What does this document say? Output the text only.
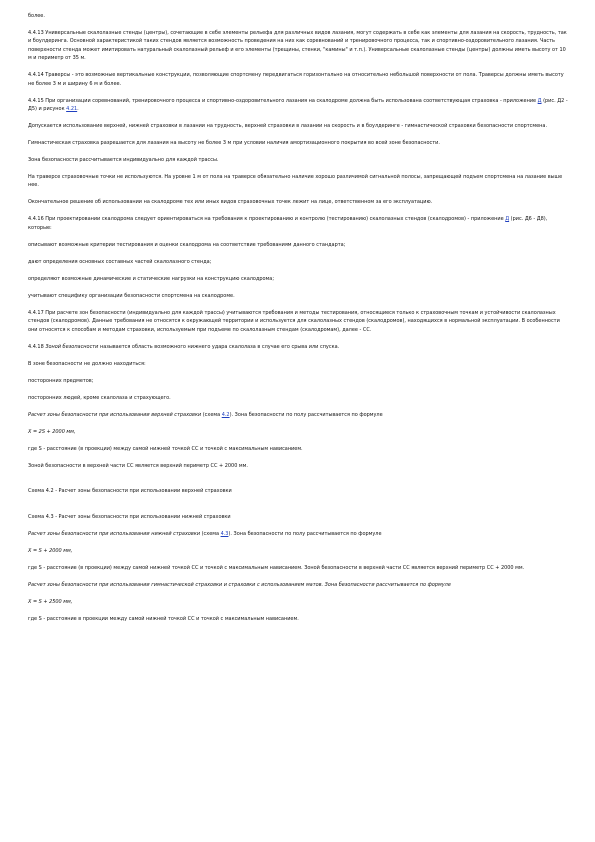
более.

4.4.13 Универсальные скалолазные стенды (центры), сочетающие в себе элементы рельефа для различных видов лазания, могут содержать в себе как элементы для лазания на скорость, трудность, так и боулдеринга. Основной характеристикой таких стендов является возможность проведения на них как соревнований и тренировочного процесса, так и спортивно-оздоровительного лазания. Часть поверхности стенда может имитировать натуральный скалолазный рельеф и его элементы (трещины, стенки, "камины" и т.п.). Универсальные скалолазные стенды (центры) должны иметь высоту от 10 м и периметр от 35 м.

4.4.14 Траверсы - это возможные вертикальные конструкции, позволяющие спортсмену передвигаться горизонтально на относительно небольшой поверхности от пола. Траверсы должны иметь высоту не более 3 м и ширину 6 м и более.

4.4.15 При организации соревнований, тренировочного процесса и спортивно-оздоровительного лазания на скалодроме должна быть использована соответствующая страховка - приложение Д (рис. Д2 - Д5) и рисунок 4.21.

Допускается использование верхней, нижней страховки в лазании на трудность, верхней страховки в лазании на скорость и в боулдеринге - гимнастической страховки безопасности спортсмена.

Гимнастическая страховка разрешается для лазания на высоту не более 3 м при условии наличия амортизационного покрытия во всей зоне безопасности.

Зона безопасности рассчитывается индивидуально для каждой трассы.

На траверсе страховочные точки не используются. На уровне 1 м от пола на траверсе обязательно наличие хорошо различимой сигнальной полосы, запрещающей подъем спортсмена на лазание выше нее.

Окончательное решение об использовании на скалодроме тех или иных видов страховочных точек лежит на лице, ответственном за его эксплуатацию.

4.4.16 При проектировании скалодрома следует ориентироваться на требования к проектированию и контролю (тестированию) скалолазных стендов (скалодромов) - приложение Д (рис. Д6 - Д8), которые:

описывают возможные критерии тестирования и оценки скалодрома на соответствие требованиям данного стандарта;

дают определения основных составных частей скалолазного стенда;

определяют возможные динамические и статические нагрузки на конструкцию скалодрома;

учитывают специфику организации безопасности спортсмена на скалодроме.

4.4.17 При расчете зон безопасности (индивидуально для каждой трассы) учитываются требования и методы тестирования, относящиеся только к страховочным точкам и устойчивости скалолазных стендов (скалодромов). Данные требования не относятся к окружающей территории и используется для скалолазных стендов (скалодромов), находящихся в нормальной эксплуатации. В особенности они относятся к способам и методам страховки, используемым при подъеме по скалолазным стендам (скалодромам), далее - СС.

4.4.18 Зоной безопасности называется область возможного нижнего удара скалолаза в случае его срыва или спуска.

В зоне безопасности не должно находиться:

посторонних предметов;

посторонних людей, кроме скалолаза и страхующего.

Расчет зоны безопасности при использовании верхней страховки (схема 4.2). Зона безопасности по полу рассчитывается по формуле

X = 2S + 2000 мм,

где S - расстояние (в проекции) между самой нижней точкой СС и точкой с максимальным нависанием.

Зоной безопасности в верхней части СС является верхний периметр СС + 2000 мм.

Схема 4.2 - Расчет зоны безопасности при использовании верхней страховки

Схема 4.3 - Расчет зоны безопасности при использовании нижней страховки

Расчет зоны безопасности при использовании нижней страховки (схема 4.3). Зона безопасности по полу рассчитывается по формуле

X = S + 2000 мм,

где S - расстояние (в проекции) между самой нижней точкой СС и точкой с максимальным нависанием. Зоной безопасности в верхней части СС является верхний периметр СС + 2000 мм.

Расчет зоны безопасности при использовании гимнастической страховки и страховки с использованием матов. Зона безопасности рассчитывается по формуле

X = S + 2500 мм,

где S - расстояние в проекции между самой нижней точкой СС и точкой с максимальным нависанием.
